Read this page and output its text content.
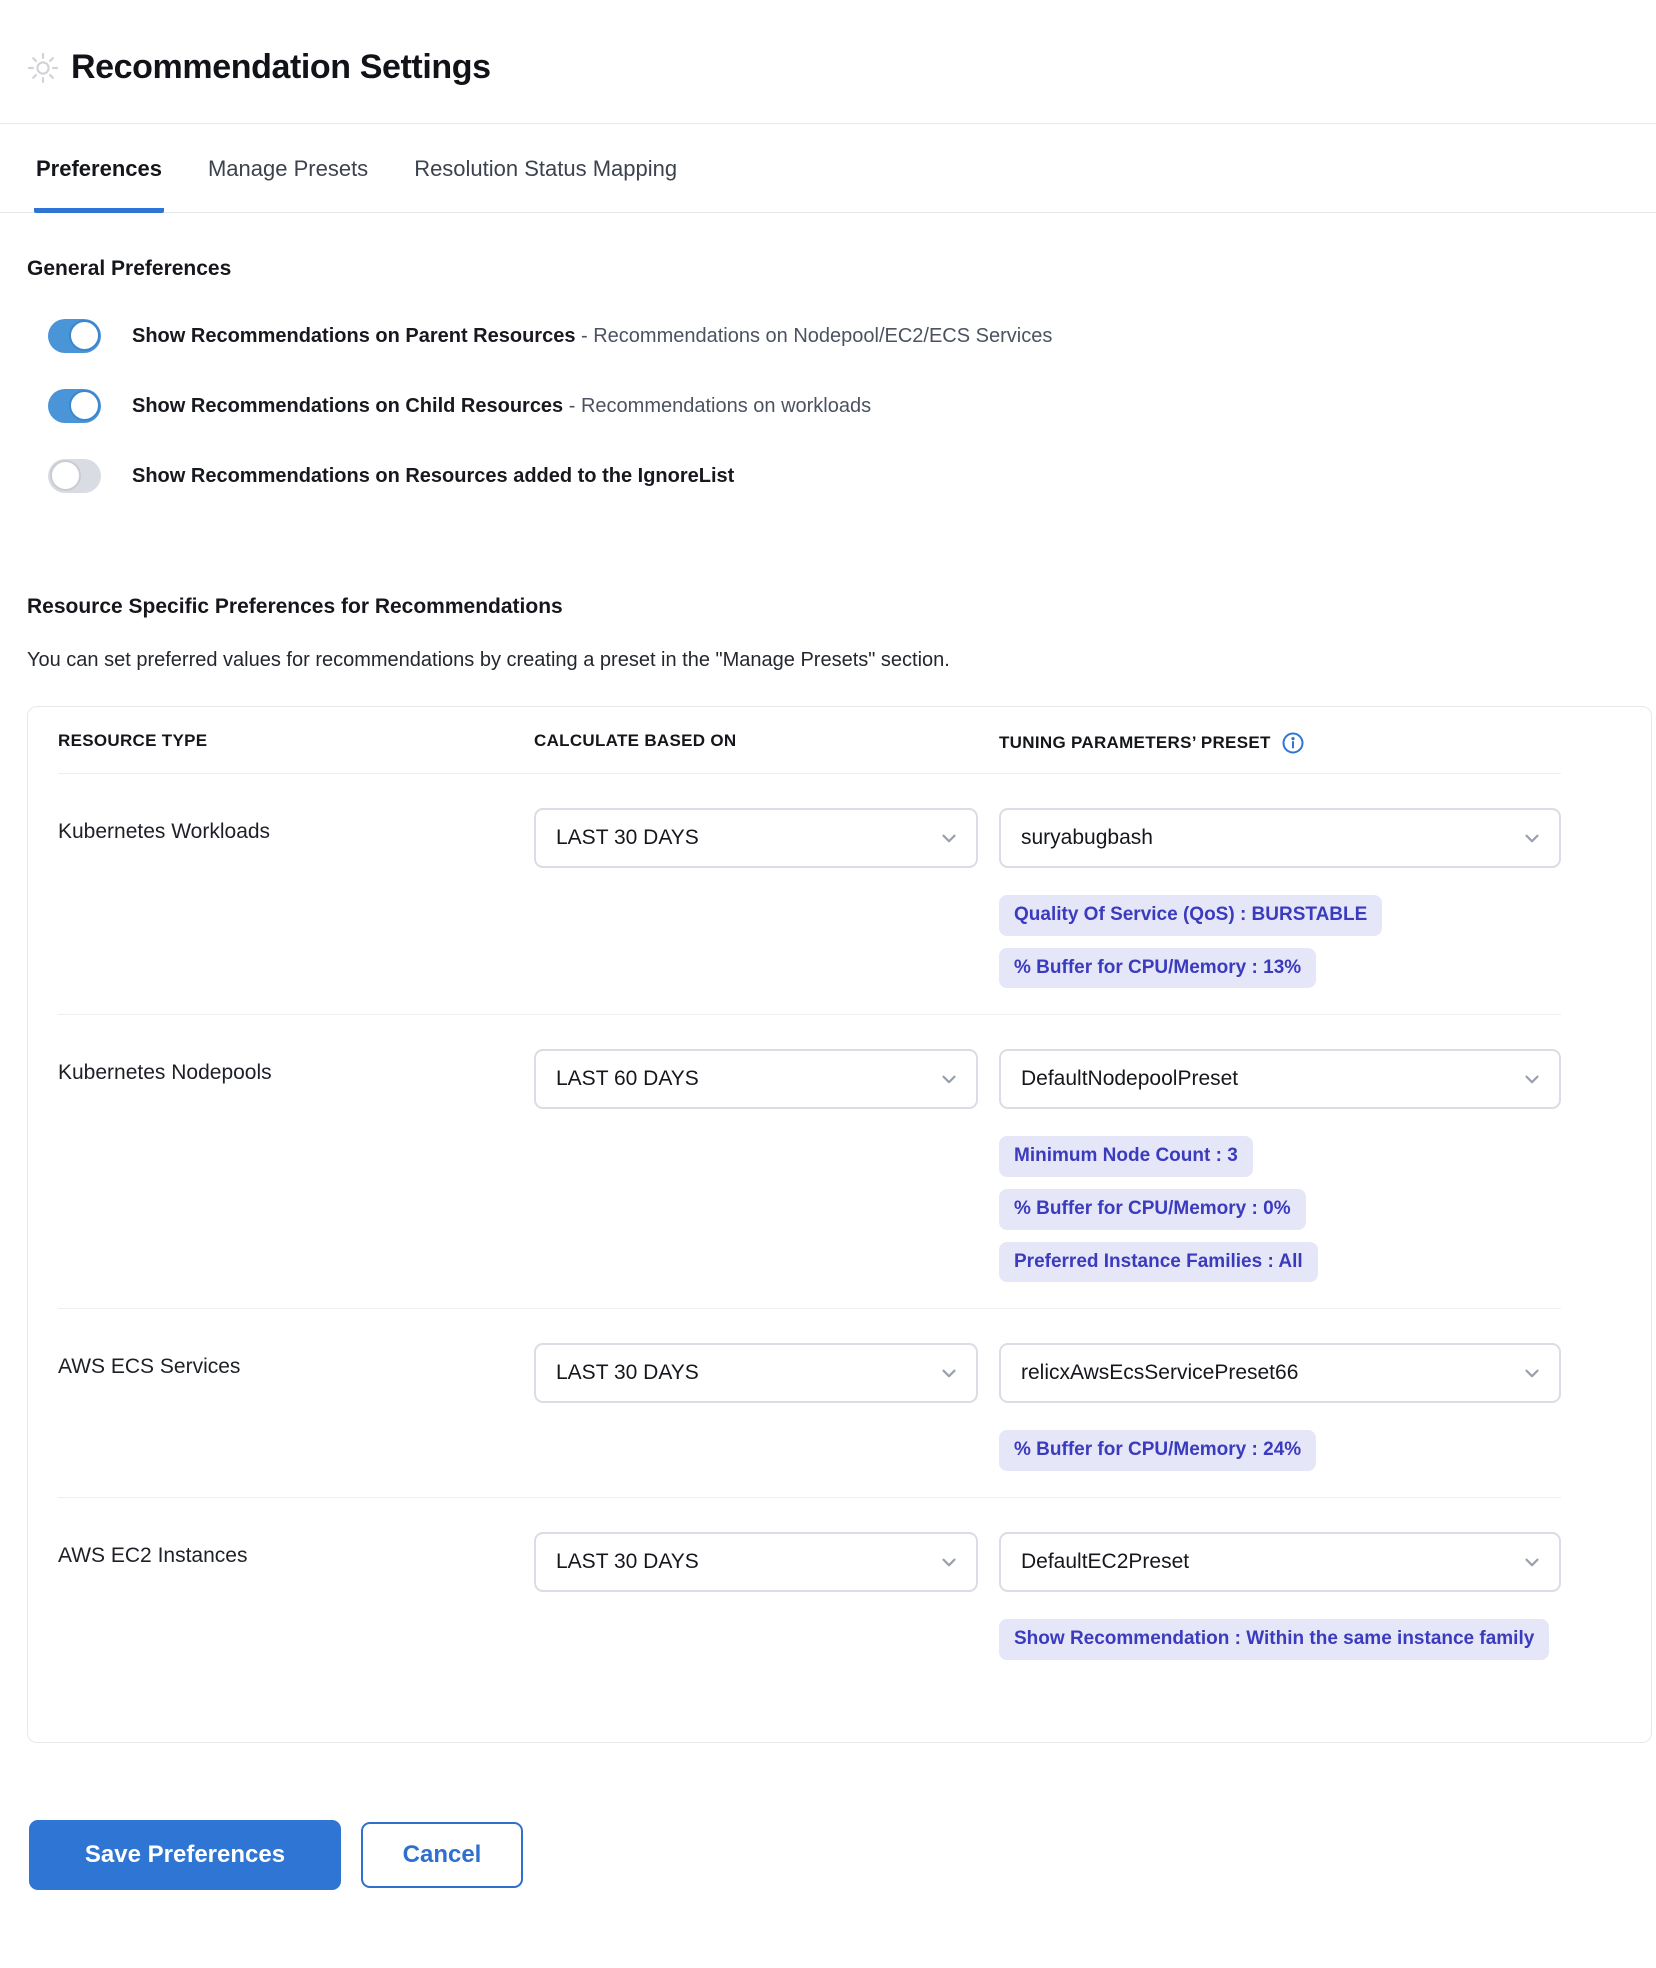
Recommendation Settings
Preferences Manage Presets Resolution Status Mapping
General Preferences
Show Recommendations on Parent Resources - Recommendations on Nodepool/EC2/ECS Services
Show Recommendations on Child Resources - Recommendations on workloads
Show Recommendations on Resources added to the IgnoreList
Resource Specific Preferences for Recommendations
You can set preferred values for recommendations by creating a preset in the "Manage Presets" section.
RESOURCE TYPE	CALCULATE BASED ON	TUNING PARAMETERS’ PRESET
Kubernetes Workloads	LAST 30 DAYS	suryabugbash
Quality Of Service (QoS) : BURSTABLE
% Buffer for CPU/Memory : 13%
Kubernetes Nodepools	LAST 60 DAYS	DefaultNodepoolPreset
Minimum Node Count : 3
% Buffer for CPU/Memory : 0%
Preferred Instance Families : All
AWS ECS Services	LAST 30 DAYS	relicxAwsEcsServicePreset66
% Buffer for CPU/Memory : 24%
AWS EC2 Instances	LAST 30 DAYS	DefaultEC2Preset
Show Recommendation : Within the same instance family
Save Preferences	Cancel
